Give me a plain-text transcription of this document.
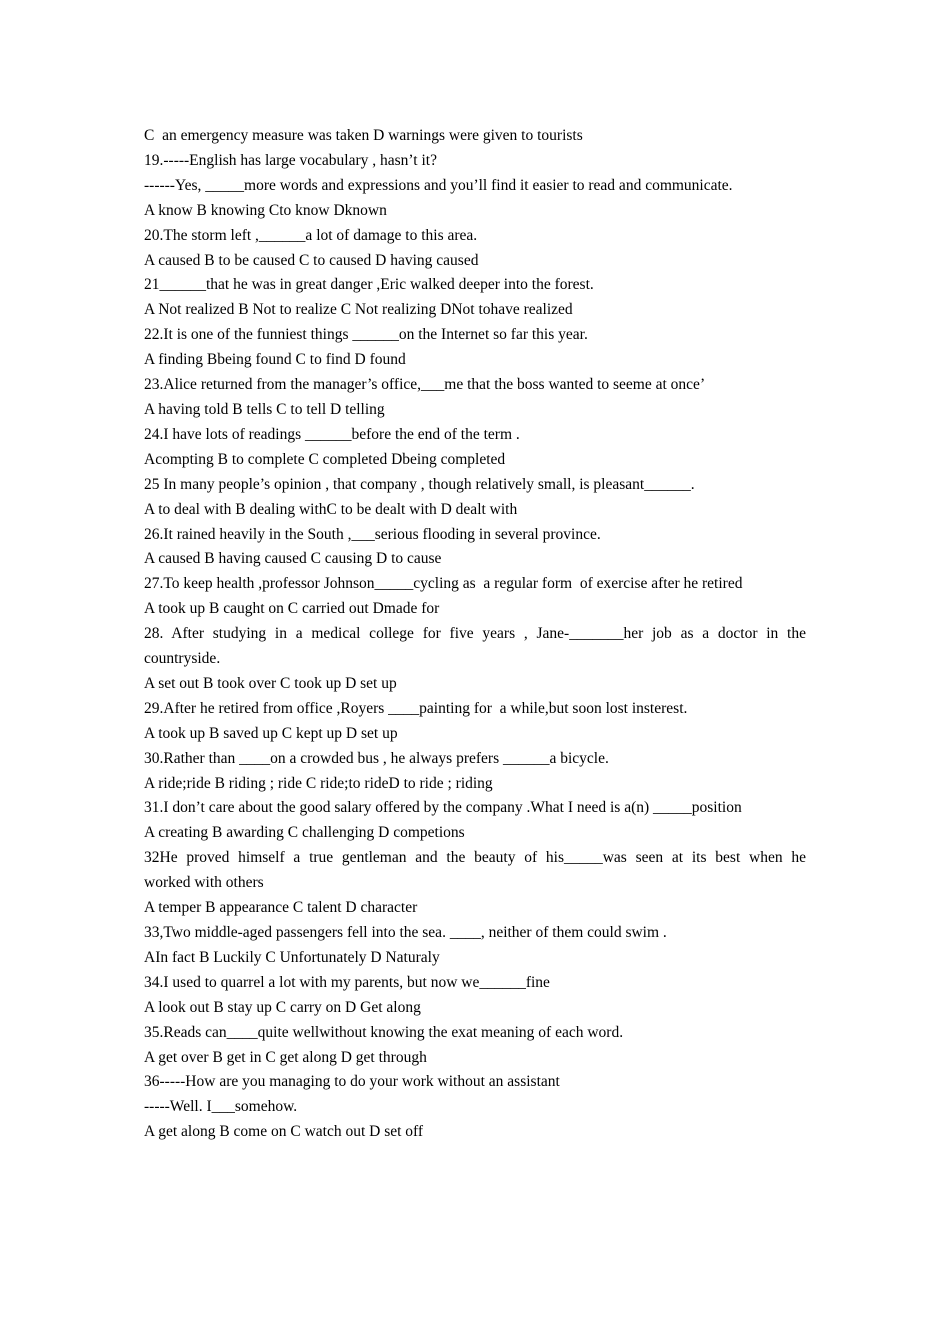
C  an emergency measure was taken D warnings were given to tourists

19.-----English has large vocabulary , hasn’t it?

------Yes, _____more words and expressions and you’ll find it easier to read and communicate.

A know B knowing Cto know Dknown

20.The storm left ,______a lot of damage to this area.

A caused B to be caused C to caused D having caused

21______that he was in great danger ,Eric walked deeper into the forest.

A Not realized B Not to realize C Not realizing DNot tohave realized

22.It is one of the funniest things ______on the Internet so far this year.

A finding Bbeing found C to find D found

23.Alice returned from the manager’s office,___me that the boss wanted to seeme at once’

A having told B tells C to tell D telling

24.I have lots of readings ______before the end of the term .

Acompting B to complete C completed Dbeing completed

25 In many people’s opinion , that company , though relatively small, is pleasant______.

A to deal with B dealing withC to be dealt with D dealt with

26.It rained heavily in the South ,___serious flooding in several province.

A caused B having caused C causing D to cause

27.To keep health ,professor Johnson_____cycling as  a regular form  of exercise after he retired

A took up B caught on C carried out Dmade for

28. After studying in a medical college for five years , Jane-_______her job as a doctor in the

countryside.

A set out B took over C took up D set up

29.After he retired from office ,Royers ____painting for  a while,but soon lost insterest.

A took up B saved up C kept up D set up

30.Rather than ____on a crowded bus , he always prefers ______a bicycle.

A ride;ride B riding ; ride C ride;to rideD to ride ; riding

31.I don’t care about the good salary offered by the company .What I need is a(n) _____position

A creating B awarding C challenging D competions

32He proved himself a true gentleman and the beauty of his_____was seen at its best when he

worked with others

A temper B appearance C talent D character

33,Two middle-aged passengers fell into the sea. ____, neither of them could swim .

AIn fact B Luckily C Unfortunately D Naturaly

34.I used to quarrel a lot with my parents, but now we______fine

A look out B stay up C carry on D Get along

35.Reads can____quite wellwithout knowing the exat meaning of each word.

A get over B get in C get along D get through

36-----How are you managing to do your work without an assistant

-----Well. I___somehow.

A get along B come on C watch out D set off
